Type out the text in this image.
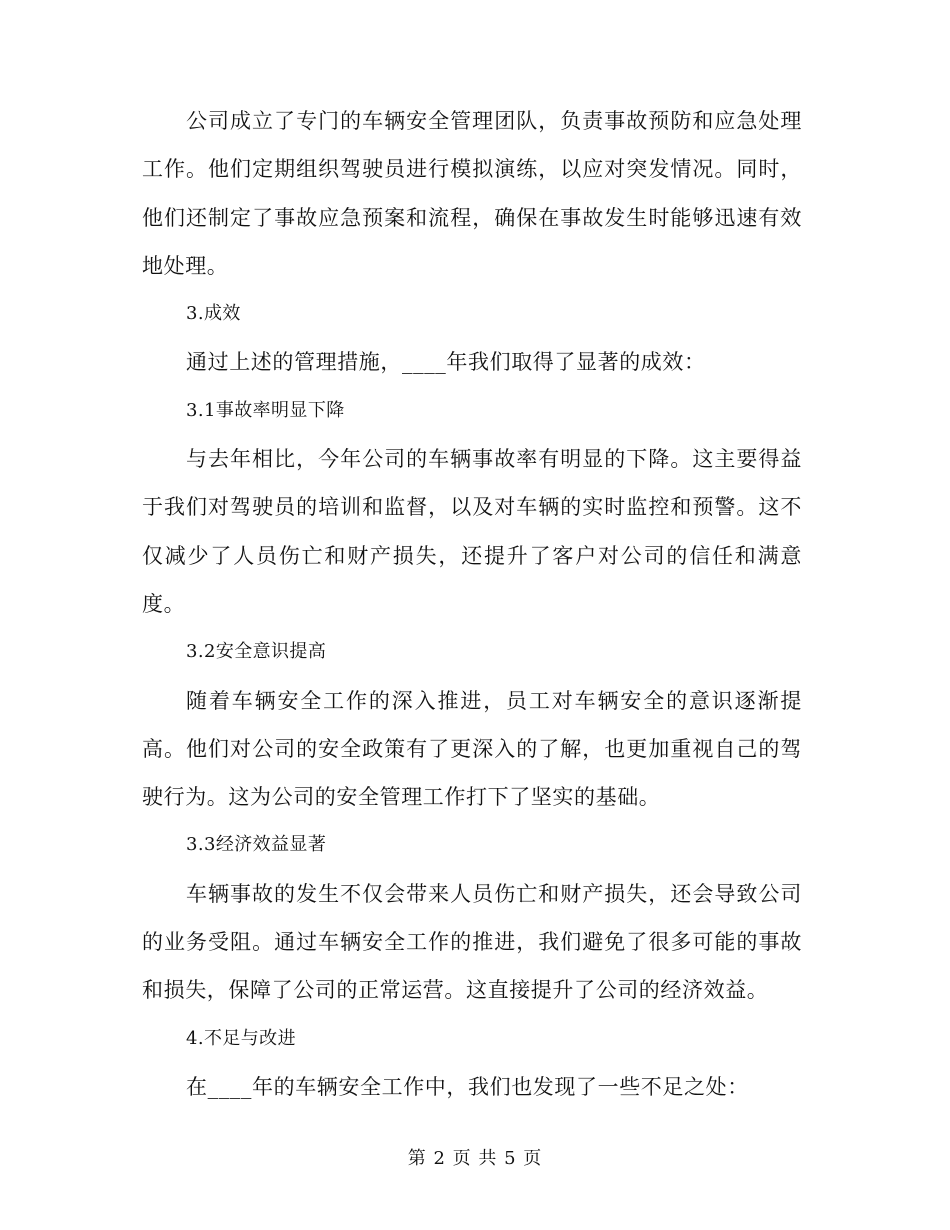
公司成立了专门的车辆安全管理团队，负责事故预防和应急处理工作。他们定期组织驾驶员进行模拟演练，以应对突发情况。同时，他们还制定了事故应急预案和流程，确保在事故发生时能够迅速有效地处理。

3.成效

通过上述的管理措施，____年我们取得了显著的成效：

3.1事故率明显下降

与去年相比，今年公司的车辆事故率有明显的下降。这主要得益于我们对驾驶员的培训和监督，以及对车辆的实时监控和预警。这不仅减少了人员伤亡和财产损失，还提升了客户对公司的信任和满意度。

3.2安全意识提高

随着车辆安全工作的深入推进，员工对车辆安全的意识逐渐提高。他们对公司的安全政策有了更深入的了解，也更加重视自己的驾驶行为。这为公司的安全管理工作打下了坚实的基础。

3.3经济效益显著

车辆事故的发生不仅会带来人员伤亡和财产损失，还会导致公司的业务受阻。通过车辆安全工作的推进，我们避免了很多可能的事故和损失，保障了公司的正常运营。这直接提升了公司的经济效益。

4.不足与改进

在____年的车辆安全工作中，我们也发现了一些不足之处：

第 2 页 共 5 页
